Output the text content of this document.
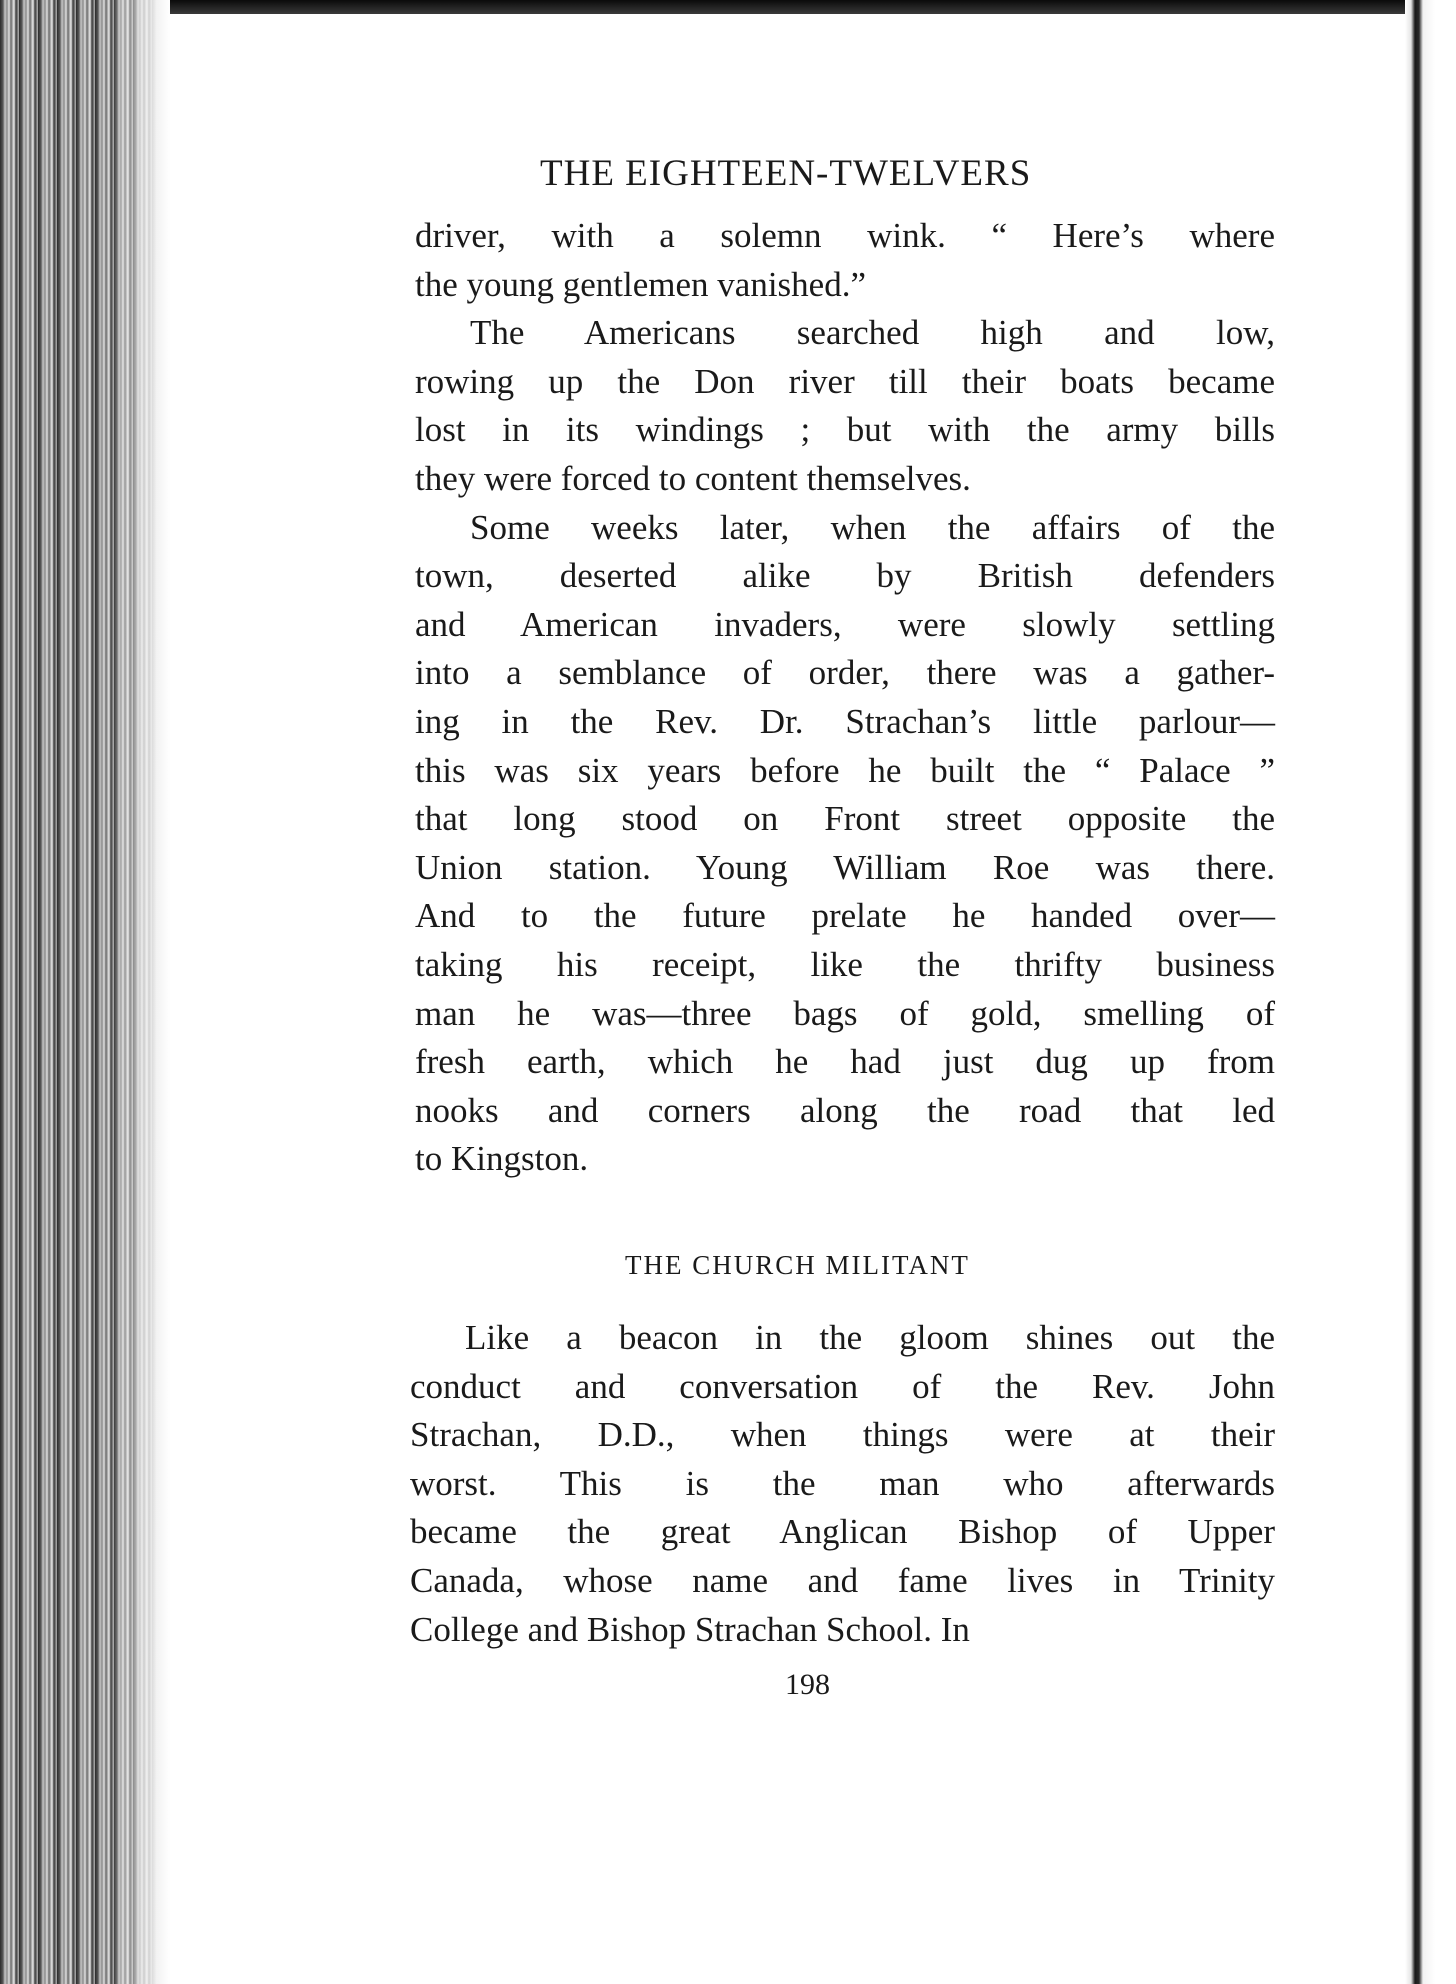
THE EIGHTEEN-TWELVERS
driver, with a solemn wink. “ Here’s where
the young gentlemen vanished.”
The Americans searched high and low,
rowing up the Don river till their boats became
lost in its windings ; but with the army bills
they were forced to content themselves.
Some weeks later, when the affairs of the
town, deserted alike by British defenders
and American invaders, were slowly settling
into a semblance of order, there was a gather-
ing in the Rev. Dr. Strachan’s little parlour—
this was six years before he built the “ Palace ”
that long stood on Front street opposite the
Union station. Young William Roe was there.
And to the future prelate he handed over—
taking his receipt, like the thrifty business
man he was—three bags of gold, smelling of
fresh earth, which he had just dug up from
nooks and corners along the road that led
to Kingston.
THE CHURCH MILITANT
Like a beacon in the gloom shines out the
conduct and conversation of the Rev. John
Strachan, D.D., when things were at their
worst. This is the man who afterwards
became the great Anglican Bishop of Upper
Canada, whose name and fame lives in Trinity
College and Bishop Strachan School. In
198
